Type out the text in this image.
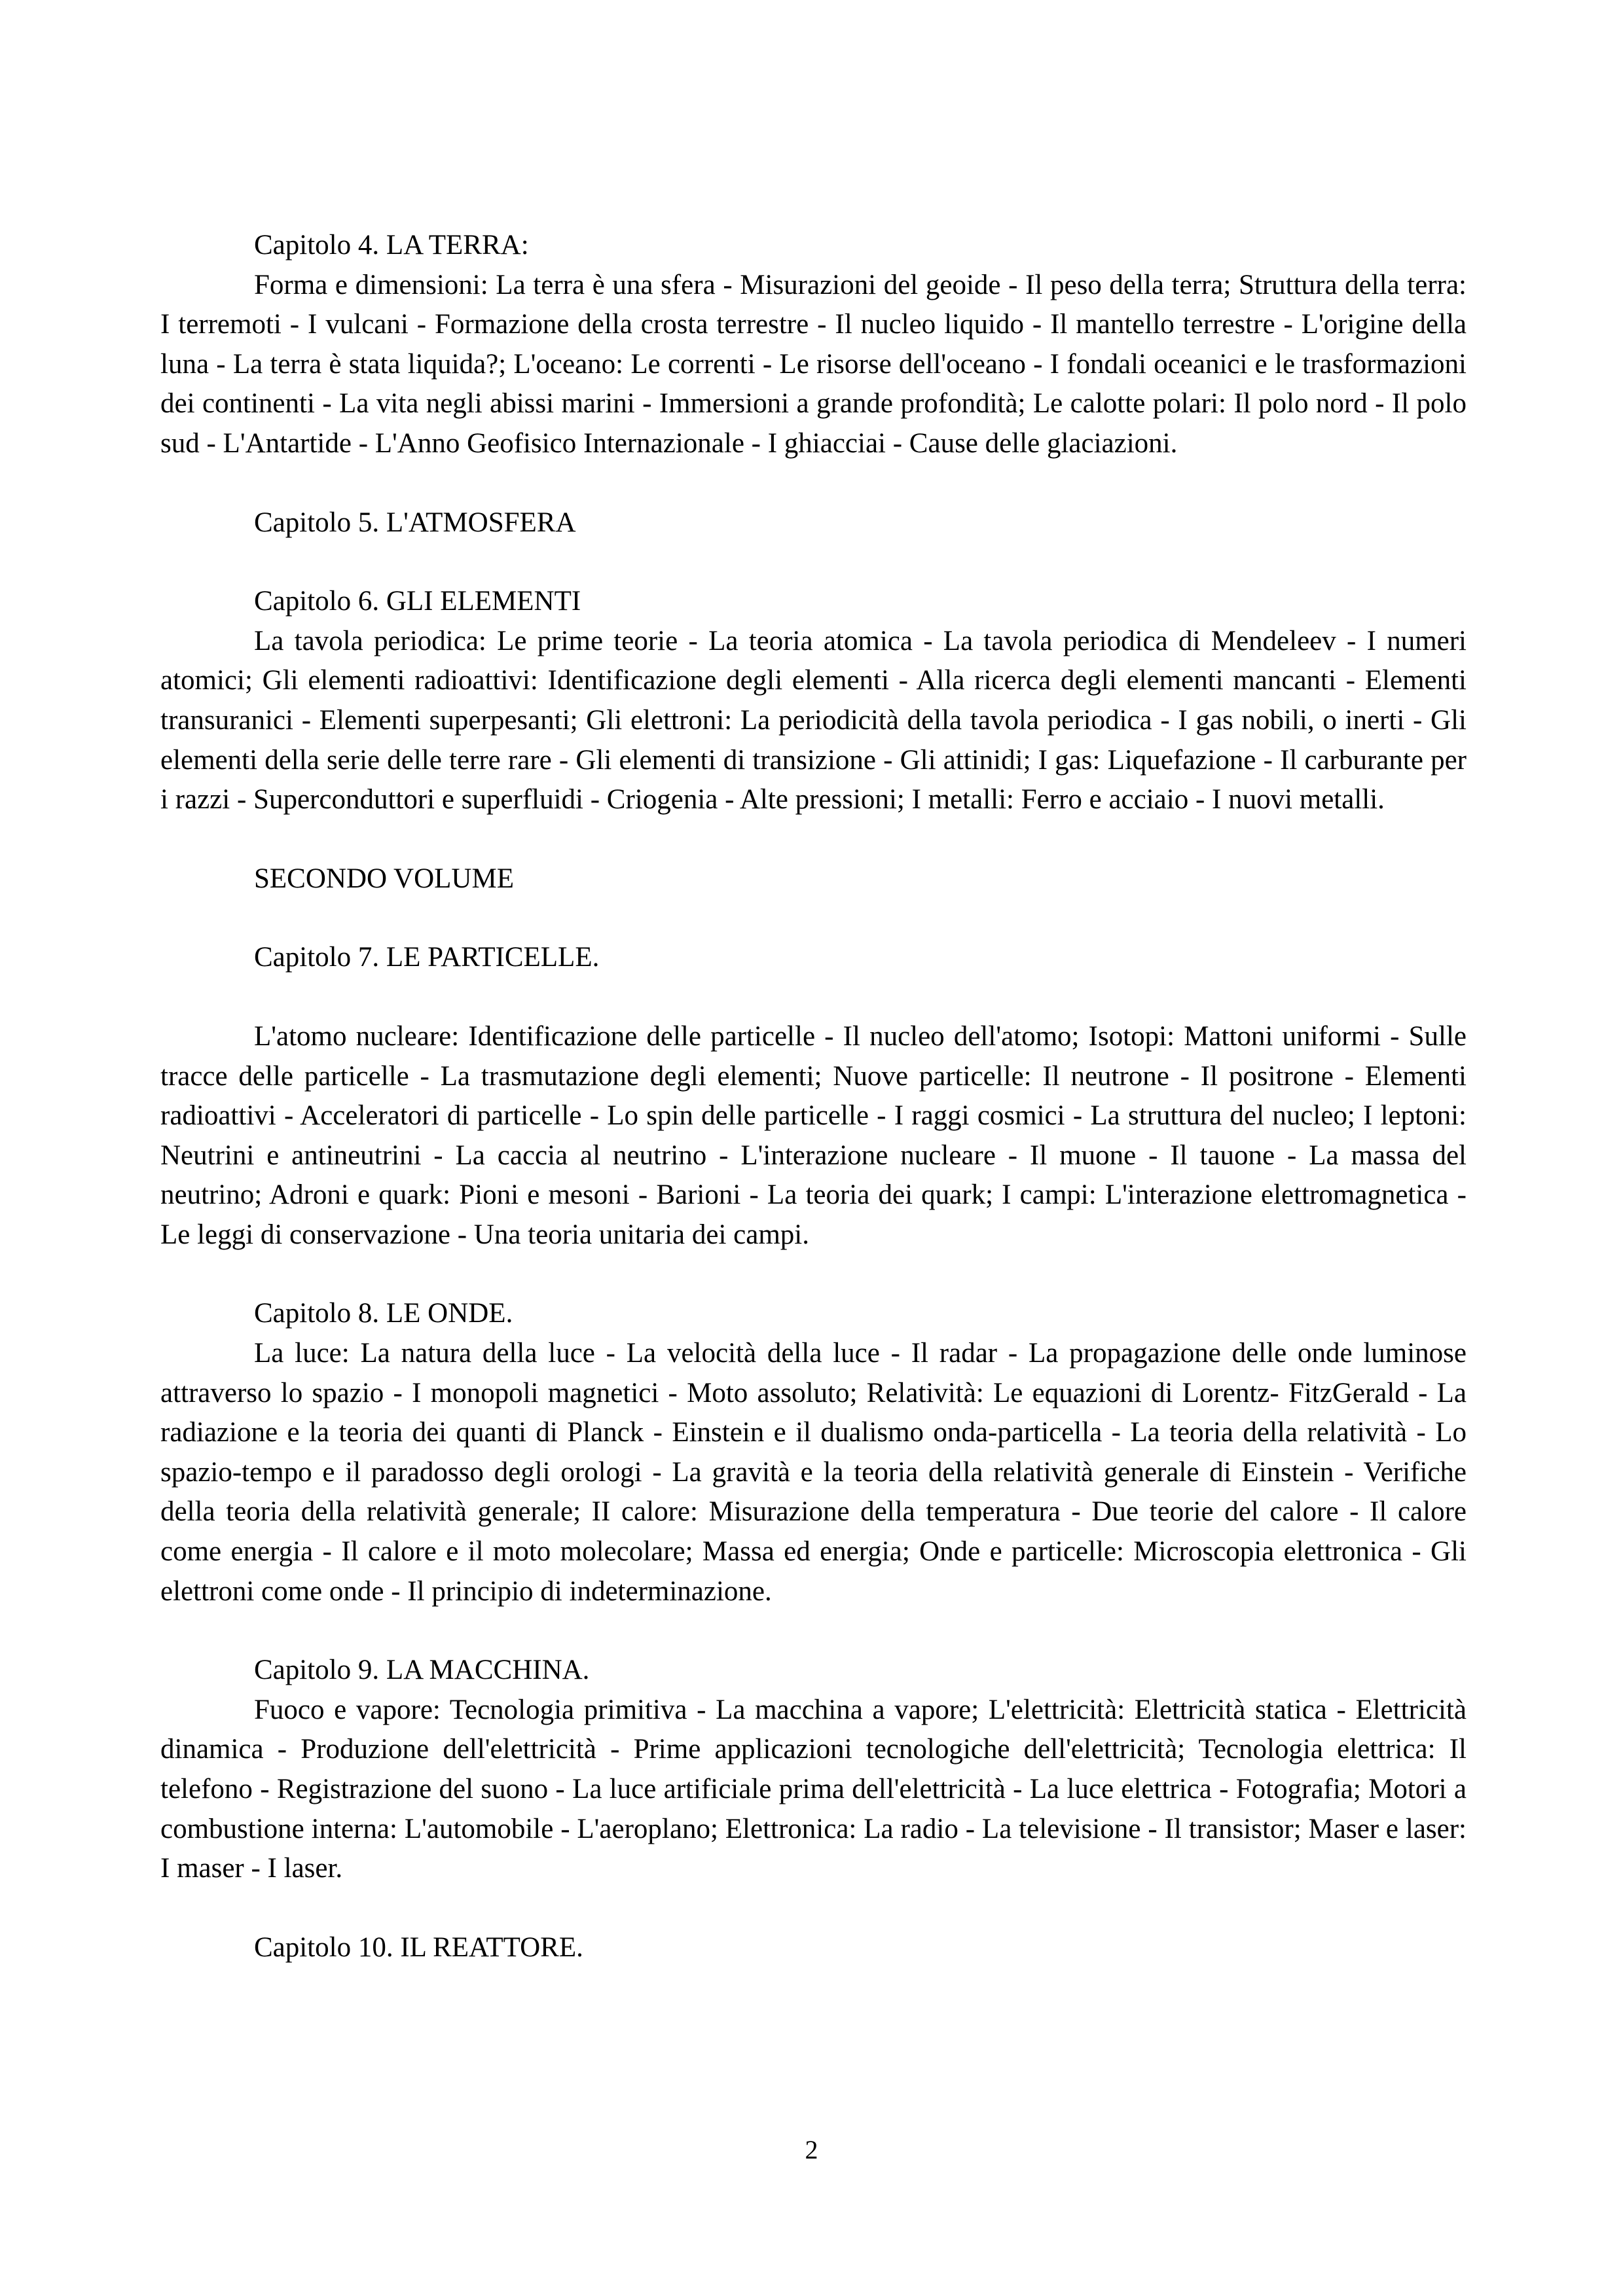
Capitolo 4. LA TERRA:

Forma e dimensioni: La terra è una sfera - Misurazioni del geoide - Il peso della terra; Struttura della terra: I terremoti - I vulcani - Formazione della crosta terrestre - Il nucleo liquido - Il mantello terrestre - L'origine della luna - La terra è stata liquida?; L'oceano: Le correnti - Le risorse dell'oceano - I fondali oceanici e le trasformazioni dei continenti - La vita negli abissi marini - Immersioni a grande profondità; Le calotte polari: Il polo nord - Il polo sud - L'Antartide - L'Anno Geofisico Internazionale - I ghiacciai - Cause delle glaciazioni.

Capitolo 5. L'ATMOSFERA

Capitolo 6. GLI ELEMENTI

La tavola periodica: Le prime teorie - La teoria atomica - La tavola periodica di Mendeleev - I numeri atomici; Gli elementi radioattivi: Identificazione degli elementi - Alla ricerca degli elementi mancanti - Elementi transuranici - Elementi superpesanti; Gli elettroni: La periodicità della tavola periodica - I gas nobili, o inerti - Gli elementi della serie delle terre rare - Gli elementi di transizione - Gli attinidi; I gas: Liquefazione - Il carburante per i razzi - Superconduttori e superfluidi - Criogenia - Alte pressioni; I metalli: Ferro e acciaio - I nuovi metalli.

SECONDO VOLUME

Capitolo 7. LE PARTICELLE.

L'atomo nucleare: Identificazione delle particelle - Il nucleo dell'atomo; Isotopi: Mattoni uniformi - Sulle tracce delle particelle - La trasmutazione degli elementi; Nuove particelle: Il neutrone - Il positrone - Elementi radioattivi - Acceleratori di particelle - Lo spin delle particelle - I raggi cosmici - La struttura del nucleo; I leptoni: Neutrini e antineutrini - La caccia al neutrino - L'interazione nucleare - Il muone - Il tauone - La massa del neutrino; Adroni e quark: Pioni e mesoni - Barioni - La teoria dei quark; I campi: L'interazione elettromagnetica - Le leggi di conservazione - Una teoria unitaria dei campi.

Capitolo 8. LE ONDE.

La luce: La natura della luce - La velocità della luce - Il radar - La propagazione delle onde luminose attraverso lo spazio - I monopoli magnetici - Moto assoluto; Relatività: Le equazioni di Lorentz- FitzGerald - La radiazione e la teoria dei quanti di Planck - Einstein e il dualismo onda-particella - La teoria della relatività - Lo spazio-tempo e il paradosso degli orologi - La gravità e la teoria della relatività generale di Einstein - Verifiche della teoria della relatività generale; II calore: Misurazione della temperatura - Due teorie del calore - Il calore come energia - Il calore e il moto molecolare; Massa ed energia; Onde e particelle: Microscopia elettronica - Gli elettroni come onde - Il principio di indeterminazione.

Capitolo 9. LA MACCHINA.

Fuoco e vapore: Tecnologia primitiva - La macchina a vapore; L'elettricità: Elettricità statica - Elettricità dinamica - Produzione dell'elettricità - Prime applicazioni tecnologiche dell'elettricità; Tecnologia elettrica: Il telefono - Registrazione del suono - La luce artificiale prima dell'elettricità - La luce elettrica - Fotografia; Motori a combustione interna: L'automobile - L'aeroplano; Elettronica: La radio - La televisione - Il transistor; Maser e laser: I maser - I laser.

Capitolo 10. IL REATTORE.

2
